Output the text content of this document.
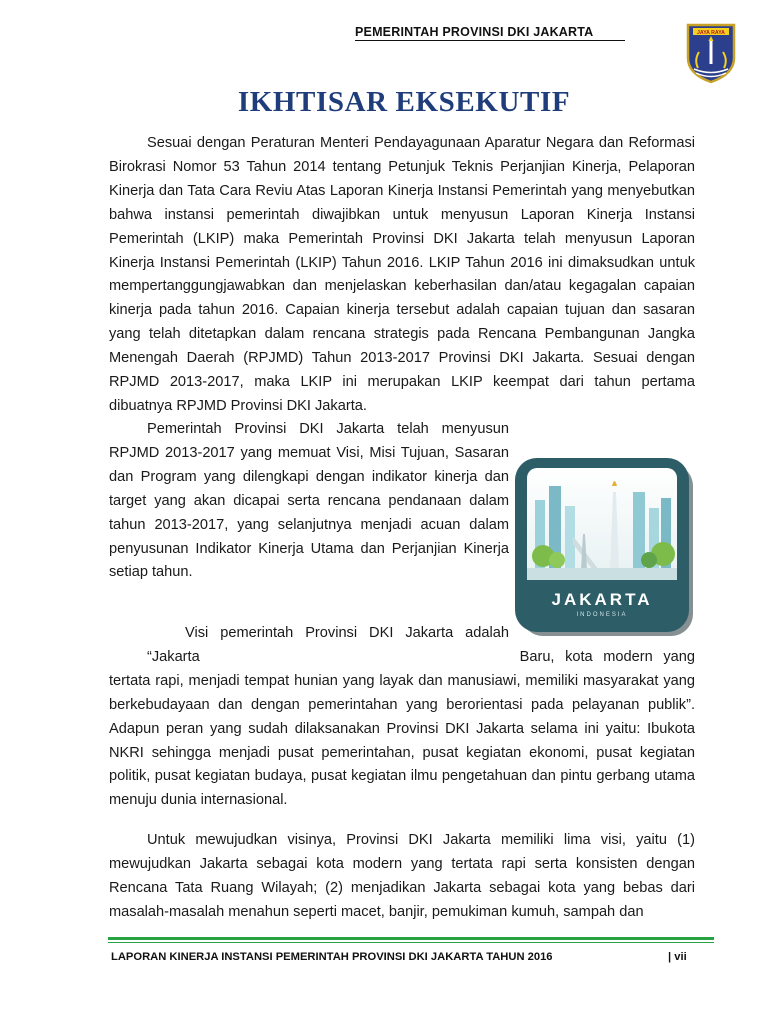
PEMERINTAH PROVINSI DKI JAKARTA	JAYA RAYA
IKHTISAR EKSEKUTIF

Sesuai dengan Peraturan Menteri Pendayagunaan Aparatur Negara dan Reformasi Birokrasi Nomor 53 Tahun 2014 tentang Petunjuk Teknis Perjanjian Kinerja, Pelaporan Kinerja dan Tata Cara Reviu Atas Laporan Kinerja Instansi Pemerintah yang menyebutkan bahwa instansi pemerintah diwajibkan untuk menyusun Laporan Kinerja Instansi Pemerintah (LKIP) maka Pemerintah Provinsi DKI Jakarta telah menyusun Laporan Kinerja Instansi Pemerintah (LKIP) Tahun 2016. LKIP Tahun 2016 ini dimaksudkan untuk mempertanggungjawabkan dan menjelaskan keberhasilan dan/atau kegagalan capaian kinerja pada tahun 2016. Capaian kinerja tersebut adalah capaian tujuan dan sasaran yang telah ditetapkan dalam rencana strategis pada Rencana Pembangunan Jangka Menengah Daerah (RPJMD) Tahun 2013-2017 Provinsi DKI Jakarta. Sesuai dengan RPJMD 2013-2017, maka LKIP ini merupakan LKIP keempat dari tahun pertama dibuatnya RPJMD Provinsi DKI Jakarta.

Pemerintah Provinsi DKI Jakarta telah menyusun RPJMD 2013-2017 yang memuat Visi, Misi Tujuan, Sasaran dan Program yang dilengkapi dengan indikator kinerja dan target yang akan dicapai serta rencana pendanaan dalam tahun 2013-2017, yang selanjutnya menjadi acuan dalam penyusunan Indikator Kinerja Utama dan Perjanjian Kinerja setiap tahun.

JAKARTA
INDONESIA

Visi pemerintah Provinsi DKI Jakarta adalah “Jakarta	Baru, kota modern yang tertata rapi, menjadi tempat hunian yang layak dan manusiawi, memiliki masyarakat yang berkebudayaan dan dengan pemerintahan yang berorientasi pada pelayanan publik”. Adapun peran yang sudah dilaksanakan Provinsi DKI Jakarta selama ini yaitu: Ibukota NKRI sehingga menjadi pusat pemerintahan, pusat kegiatan ekonomi, pusat kegiatan politik, pusat kegiatan budaya, pusat kegiatan ilmu pengetahuan dan pintu gerbang utama menuju dunia internasional.

Untuk mewujudkan visinya, Provinsi DKI Jakarta memiliki lima visi, yaitu (1) mewujudkan Jakarta sebagai kota modern yang tertata rapi serta konsisten dengan Rencana Tata Ruang Wilayah; (2) menjadikan Jakarta sebagai kota yang bebas dari masalah-masalah menahun seperti macet, banjir, pemukiman kumuh, sampah dan

LAPORAN KINERJA INSTANSI PEMERINTAH PROVINSI DKI JAKARTA TAHUN 2016	| vii
